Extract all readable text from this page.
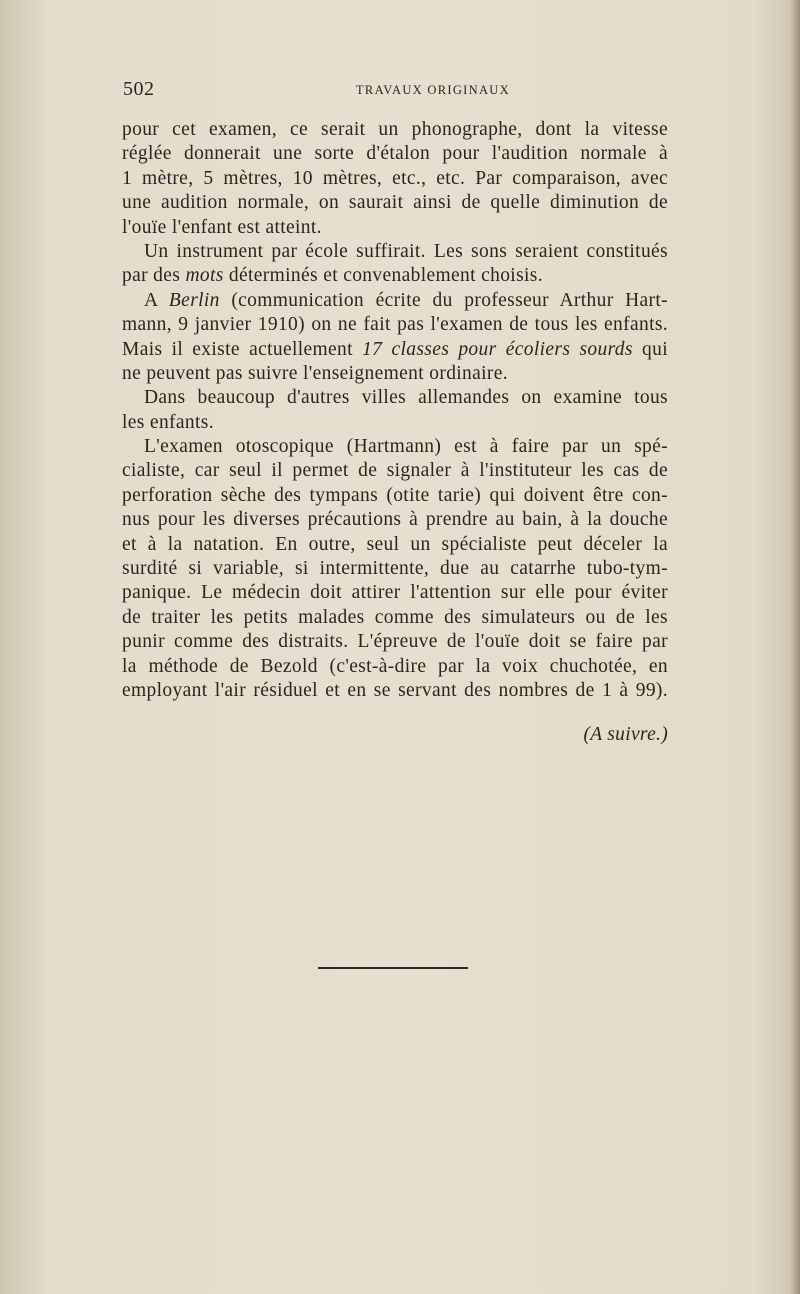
502	TRAVAUX ORIGINAUX

pour cet examen, ce serait un phonographe, dont la vitesse
réglée donnerait une sorte d'étalon pour l'audition normale à
1 mètre, 5 mètres, 10 mètres, etc., etc. Par comparaison, avec
une audition normale, on saurait ainsi de quelle diminution de
l'ouïe l'enfant est atteint.

Un instrument par école suffirait. Les sons seraient constitués
par des mots déterminés et convenablement choisis.

A Berlin (communication écrite du professeur Arthur Hart-
mann, 9 janvier 1910) on ne fait pas l'examen de tous les enfants.
Mais il existe actuellement 17 classes pour écoliers sourds qui
ne peuvent pas suivre l'enseignement ordinaire.

Dans beaucoup d'autres villes allemandes on examine tous
les enfants.

L'examen otoscopique (Hartmann) est à faire par un spé-
cialiste, car seul il permet de signaler à l'instituteur les cas de
perforation sèche des tympans (otite tarie) qui doivent être con-
nus pour les diverses précautions à prendre au bain, à la douche
et à la natation. En outre, seul un spécialiste peut déceler la
surdité si variable, si intermittente, due au catarrhe tubo-tym-
panique. Le médecin doit attirer l'attention sur elle pour éviter
de traiter les petits malades comme des simulateurs ou de les
punir comme des distraits. L'épreuve de l'ouïe doit se faire par
la méthode de Bezold (c'est-à-dire par la voix chuchotée, en
employant l'air résiduel et en se servant des nombres de 1 à 99).

(A suivre.)
